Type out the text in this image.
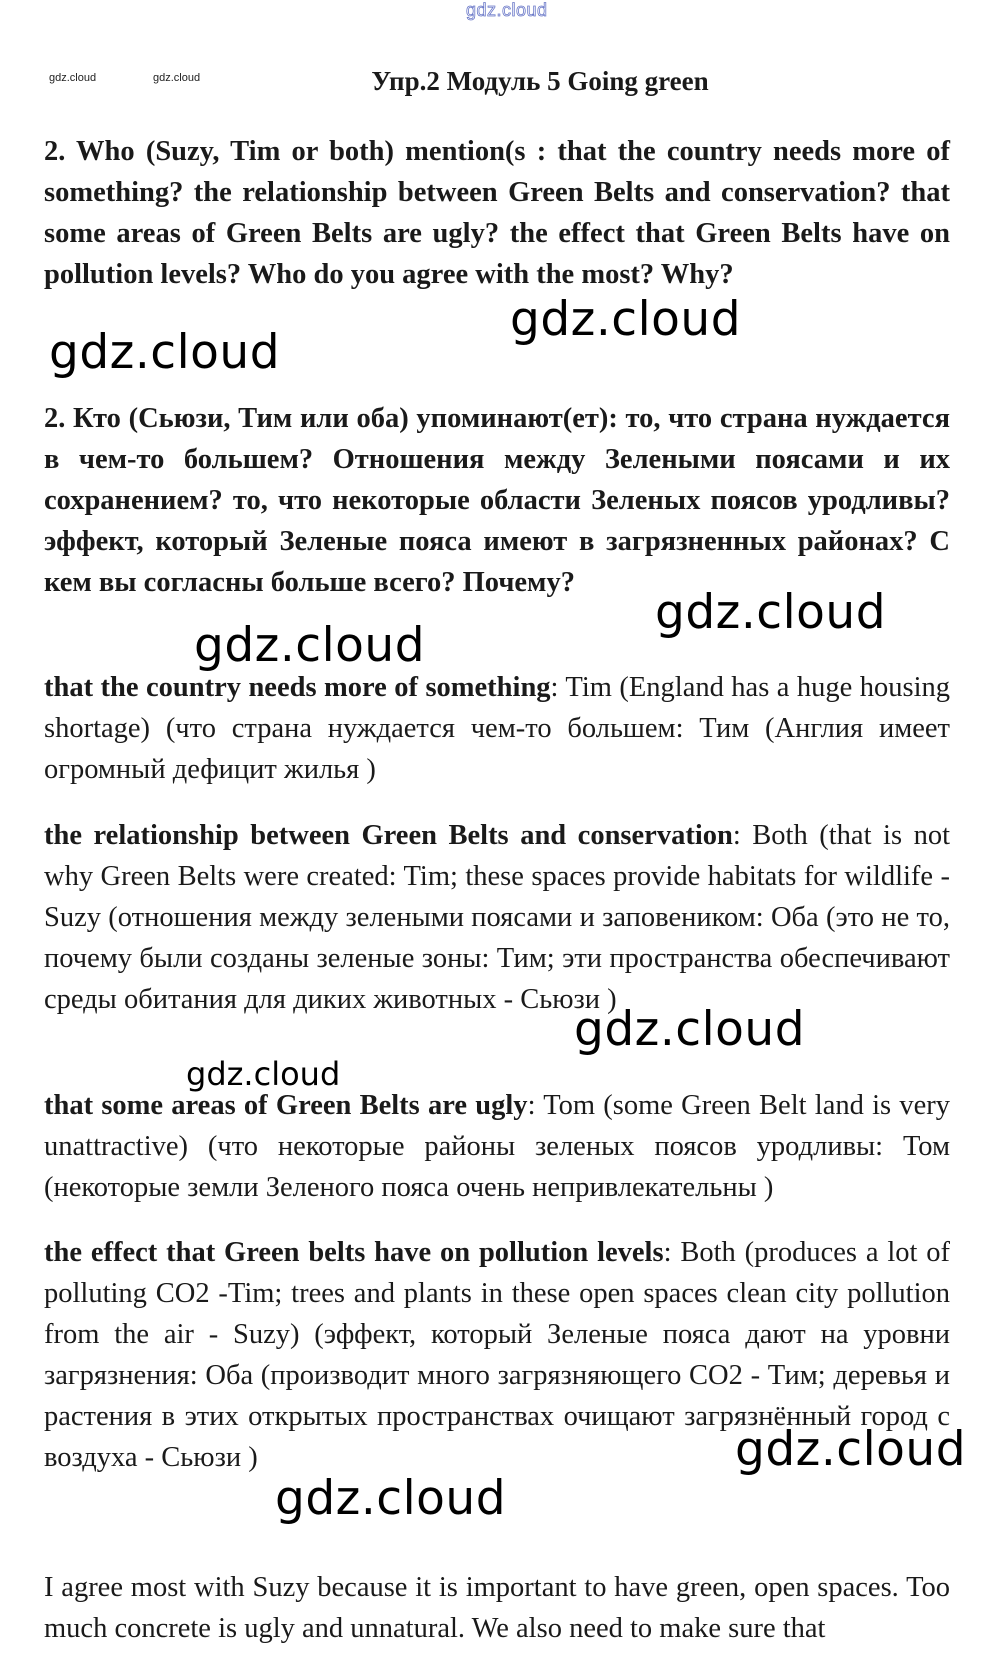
gdz.cloud
gdz.cloud	gdz.cloud	Упр.2 Модуль 5 Going green

2. Who (Suzy, Tim or both) mention(s : that the country needs more of something? the relationship between Green Belts and conservation? that some areas of Green Belts are ugly? the effect that Green Belts have on pollution levels? Who do you agree with the most? Why?

2. Кто (Сьюзи, Тим или оба) упоминают(ет): то, что страна нуждается в чем-то большем? Отношения между Зелеными поясами и их сохранением? то, что некоторые области Зеленых поясов уродливы? эффект, который Зеленые пояса имеют в загрязненных районах? С кем вы согласны больше всего? Почему?

that the country needs more of something: Tim (England has a huge housing shortage) (что страна нуждается чем-то большем: Тим (Англия имеет огромный дефицит жилья )

the relationship between Green Belts and conservation: Both (that is not why Green Belts were created: Tim; these spaces provide habitats for wildlife - Suzy (отношения между зелеными поясами и заповеником: Оба (это не то, почему были созданы зеленые зоны: Тим; эти пространства обеспечивают среды обитания для диких животных - Сьюзи )

that some areas of Green Belts are ugly: Tom (some Green Belt land is very unattractive) (что некоторые районы зеленых поясов уродливы: Том (некоторые земли Зеленого пояса очень непривлекательны )

the effect that Green belts have on pollution levels: Both (produces a lot of polluting CO2 -Tim; trees and plants in these open spaces clean city pollution from the air - Suzy) (эффект, который Зеленые пояса дают на уровни загрязнения: Оба (производит много загрязняющего CO2 - Тим; деревья и растения в этих открытых пространствах очищают загрязнённый город с воздуха - Сьюзи )

I agree most with Suzy because it is important to have green, open spaces. Too much concrete is ugly and unnatural. We also need to make sure that

gdz.cloud
gdz.cloud
gdz.cloud
gdz.cloud
gdz.cloud
gdz.cloud
gdz.cloud
gdz.cloud
